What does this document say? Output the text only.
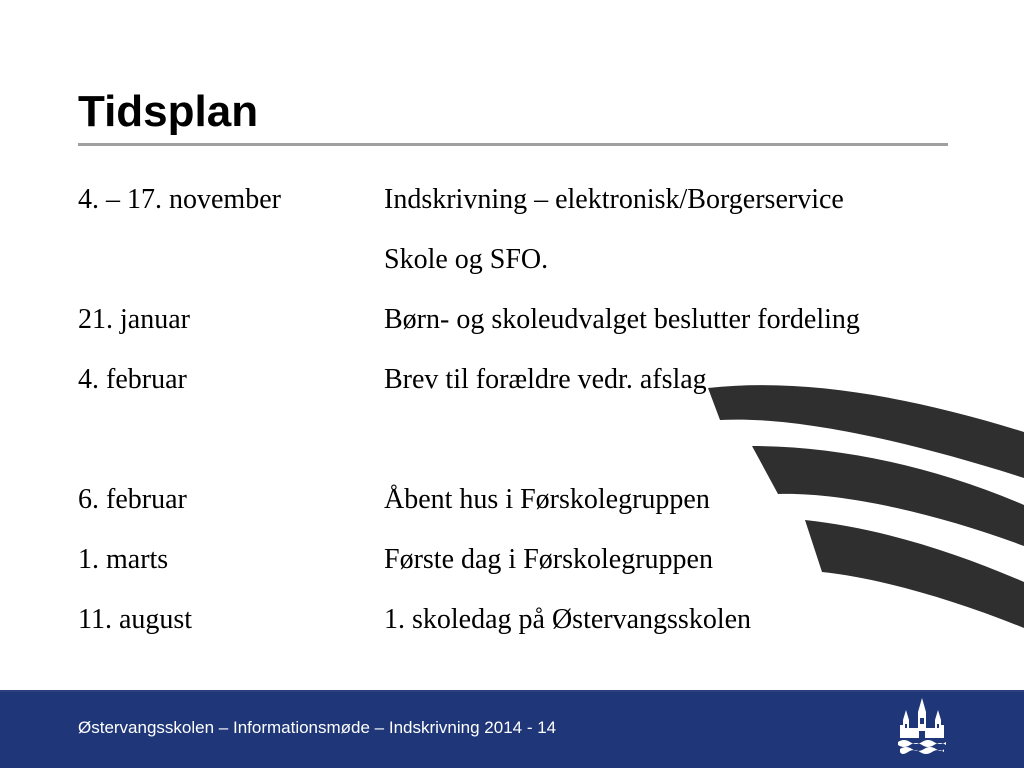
Tidsplan
4. – 17. november	Indskrivning – elektronisk/Borgerservice
Skole og SFO.
21. januar	Børn- og skoleudvalget beslutter fordeling
4. februar	Brev til forældre vedr. afslag
6. februar	Åbent hus i Førskolegruppen
1. marts	Første dag i Førskolegruppen
11. august	1. skoledag på Østervangsskolen
Østervangsskolen – Informationsmøde – Indskrivning 2014 - 14
